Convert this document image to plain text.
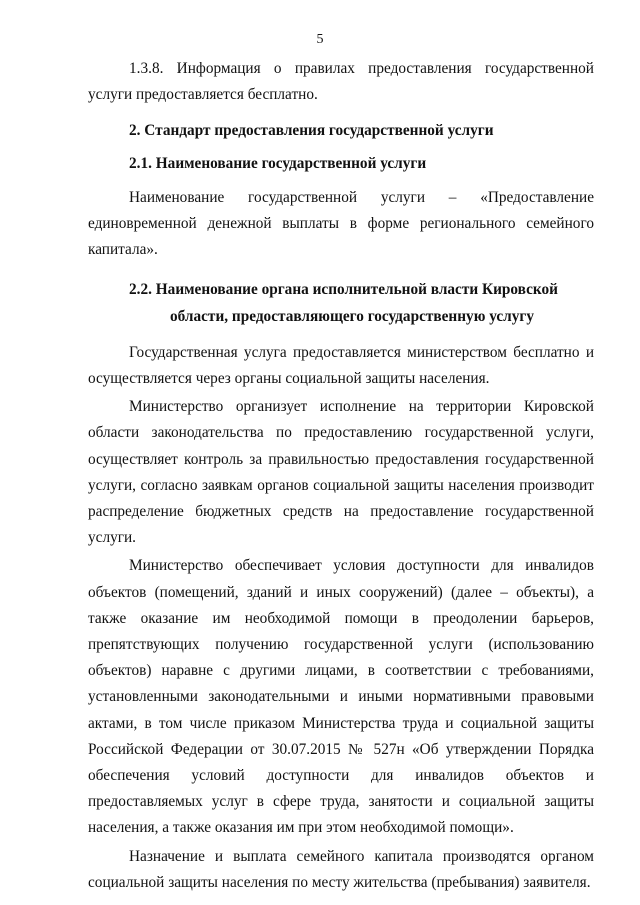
5

1.3.8. Информация о правилах предоставления государственной услуги предоставляется бесплатно.

2. Стандарт предоставления государственной услуги

2.1. Наименование государственной услуги

Наименование государственной услуги – «Предоставление единовременной денежной выплаты в форме регионального семейного капитала».

2.2. Наименование органа исполнительной власти Кировской
области, предоставляющего государственную услугу

Государственная услуга предоставляется министерством бесплатно и осуществляется через органы социальной защиты населения.

Министерство организует исполнение на территории Кировской области законодательства по предоставлению государственной услуги, осуществляет контроль за правильностью предоставления государственной услуги, согласно заявкам органов социальной защиты населения производит распределение бюджетных средств на предоставление государственной услуги.

Министерство обеспечивает условия доступности для инвалидов объектов (помещений, зданий и иных сооружений) (далее – объекты), а также оказание им необходимой помощи в преодолении барьеров, препятствующих получению государственной услуги (использованию объектов) наравне с другими лицами, в соответствии с требованиями, установленными законодательными и иными нормативными правовыми актами, в том числе приказом Министерства труда и социальной защиты Российской Федерации от 30.07.2015 № 527н «Об утверждении Порядка обеспечения условий доступности для инвалидов объектов и предоставляемых услуг в сфере труда, занятости и социальной защиты населения, а также оказания им при этом необходимой помощи».

Назначение и выплата семейного капитала производятся органом социальной защиты населения по месту жительства (пребывания) заявителя.
